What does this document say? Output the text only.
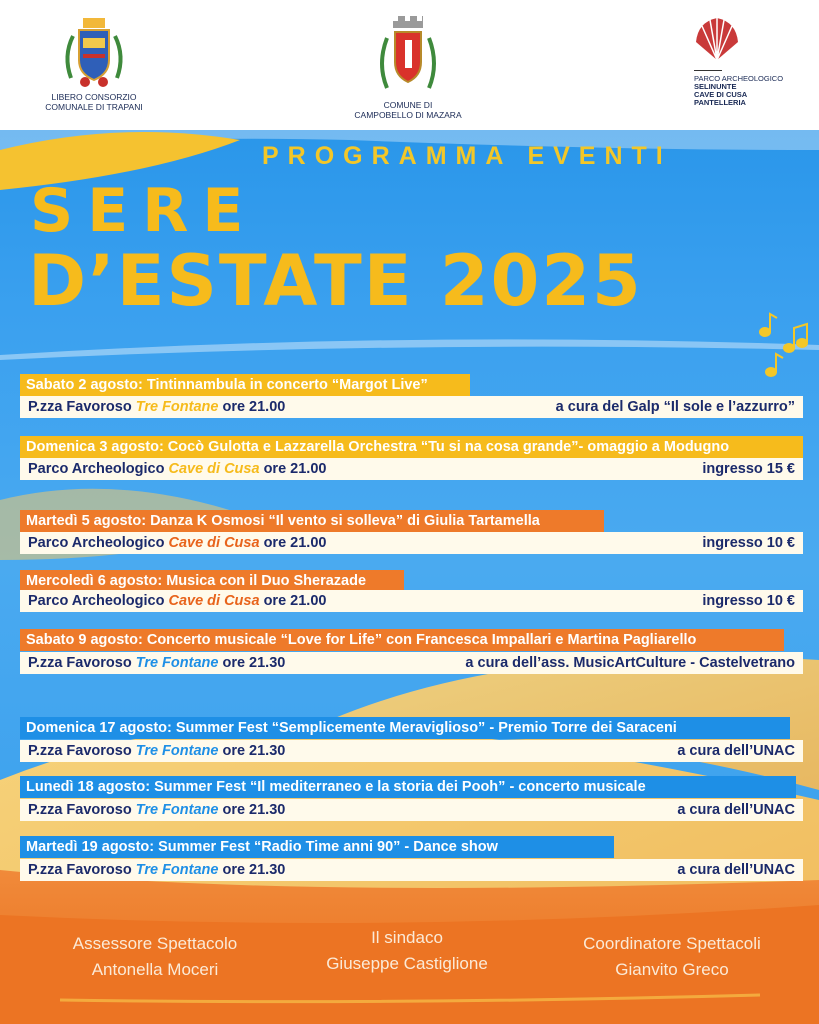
LIBERO CONSORZIO
COMUNALE DI TRAPANI	COMUNE DI
CAMPOBELLO DI MAZARA
PARCO ARCHEOLOGICO
SELINUNTE
CAVE DI CUSA
PANTELLERIA
PROGRAMMA EVENTI
SERE
D’ESTATE 2025
Sabato 2 agosto: Tintinnambula in concerto “Margot Live”
P.zza Favoroso Tre Fontane ore 21.00	a cura del Galp “Il sole e l’azzurro”
Domenica 3 agosto: Cocò Gulotta e Lazzarella Orchestra “Tu si na cosa grande”- omaggio a Modugno
Parco Archeologico Cave di Cusa ore 21.00	ingresso 15 €
Martedì 5 agosto: Danza K Osmosi “Il vento si solleva” di Giulia Tartamella
Parco Archeologico Cave di Cusa ore 21.00	ingresso 10 €
Mercoledì 6 agosto: Musica con il Duo Sherazade
Parco Archeologico Cave di Cusa ore 21.00	ingresso 10 €
Sabato 9 agosto: Concerto musicale “Love for Life” con Francesca Impallari e Martina Pagliarello
P.zza Favoroso Tre Fontane ore 21.30	a cura dell’ass. MusicArtCulture - Castelvetrano
Domenica 17 agosto: Summer Fest “Semplicemente Meraviglioso” - Premio Torre dei Saraceni
P.zza Favoroso Tre Fontane ore 21.30	a cura dell’UNAC
Lunedì 18 agosto: Summer Fest “Il mediterraneo e la storia dei Pooh” - concerto musicale
P.zza Favoroso Tre Fontane ore 21.30	a cura dell’UNAC
Martedì 19 agosto: Summer Fest “Radio Time anni 90” - Dance show
P.zza Favoroso Tre Fontane ore 21.30	a cura dell’UNAC
Assessore Spettacolo
Antonella Moceri
Il sindaco
Giuseppe Castiglione
Coordinatore Spettacoli
Gianvito Greco
